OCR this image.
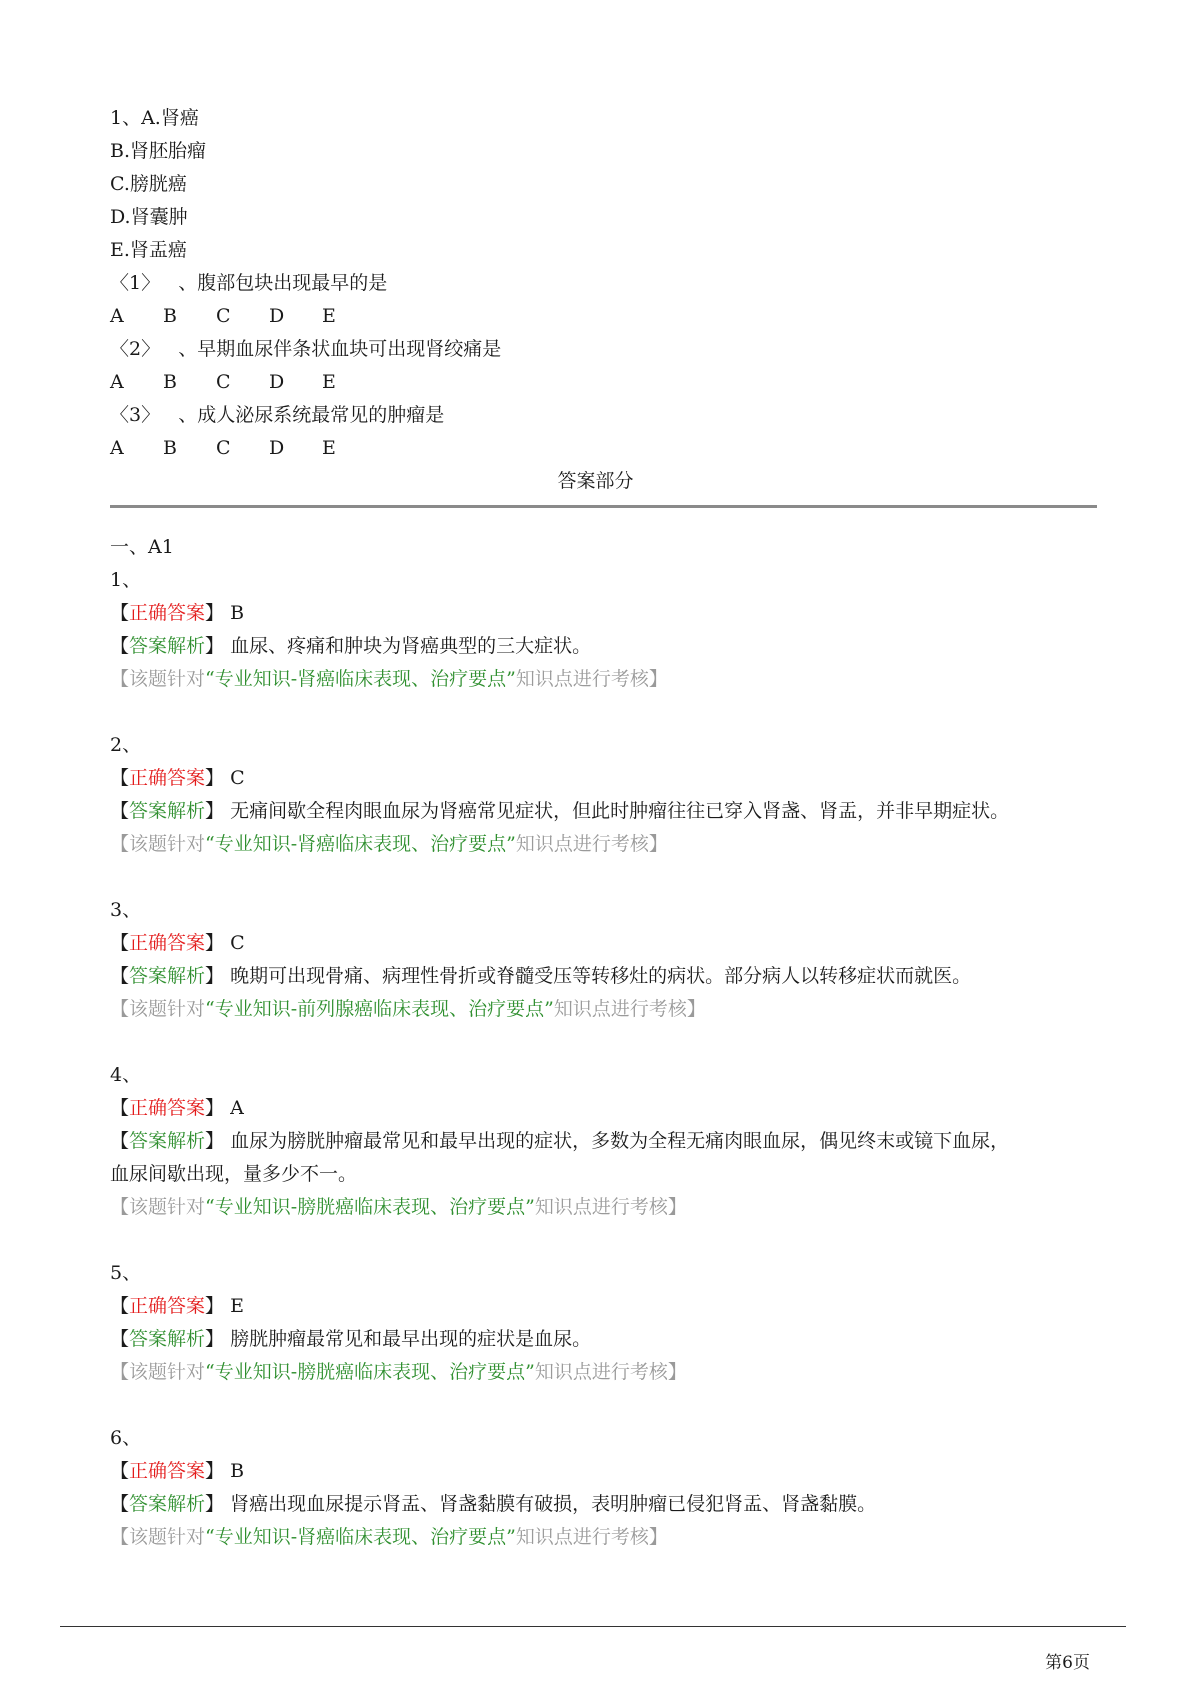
1、A.肾癌
B.肾胚胎瘤
C.膀胱癌
D.肾囊肿
E.肾盂癌
〈1〉 、腹部包块出现最早的是
A B C D E
〈2〉 、早期血尿伴条状血块可出现肾绞痛是
A B C D E
〈3〉 、成人泌尿系统最常见的肿瘤是
A B C D E
答案部分
一、A1
1、
【正确答案】 B
【答案解析】 血尿、疼痛和肿块为肾癌典型的三大症状。
【该题针对“专业知识-肾癌临床表现、治疗要点”知识点进行考核】
2、
【正确答案】 C
【答案解析】 无痛间歇全程肉眼血尿为肾癌常见症状，但此时肿瘤往往已穿入肾盏、肾盂，并非早期症状。
【该题针对“专业知识-肾癌临床表现、治疗要点”知识点进行考核】
3、
【正确答案】 C
【答案解析】 晚期可出现骨痛、病理性骨折或脊髓受压等转移灶的病状。部分病人以转移症状而就医。
【该题针对“专业知识-前列腺癌临床表现、治疗要点”知识点进行考核】
4、
【正确答案】 A
【答案解析】 血尿为膀胱肿瘤最常见和最早出现的症状，多数为全程无痛肉眼血尿，偶见终末或镜下血尿，
血尿间歇出现，量多少不一。
【该题针对“专业知识-膀胱癌临床表现、治疗要点”知识点进行考核】
5、
【正确答案】 E
【答案解析】 膀胱肿瘤最常见和最早出现的症状是血尿。
【该题针对“专业知识-膀胱癌临床表现、治疗要点”知识点进行考核】
6、
【正确答案】 B
【答案解析】 肾癌出现血尿提示肾盂、肾盏黏膜有破损，表明肿瘤已侵犯肾盂、肾盏黏膜。
【该题针对“专业知识-肾癌临床表现、治疗要点”知识点进行考核】
第6页
